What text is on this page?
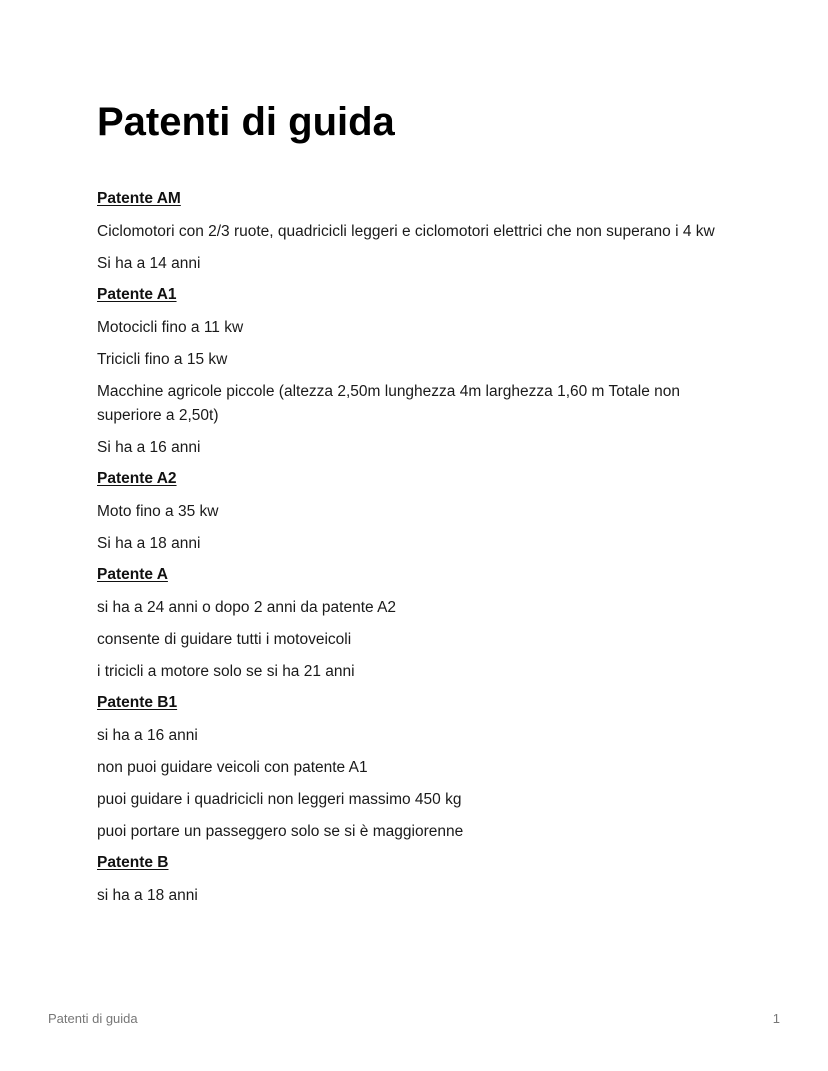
Patenti di guida
Patente AM
Ciclomotori con 2/3 ruote, quadricicli leggeri e ciclomotori elettrici che non superano i 4 kw
Si ha a 14 anni
Patente A1
Motocicli fino a 11 kw
Tricicli fino a 15 kw
Macchine agricole piccole (altezza 2,50m lunghezza 4m larghezza 1,60 m Totale non superiore a 2,50t)
Si ha a 16 anni
Patente A2
Moto fino a 35 kw
Si ha a 18 anni
Patente A
si ha a 24 anni o dopo 2 anni da patente A2
consente di guidare tutti i motoveicoli
i tricicli a motore solo se si ha 21 anni
Patente B1
si ha a 16 anni
non puoi guidare veicoli con patente A1
puoi guidare i quadricicli non leggeri massimo 450 kg
puoi portare un passeggero solo se si è maggiorenne
Patente B
si ha a 18 anni
Patenti di guida	1
